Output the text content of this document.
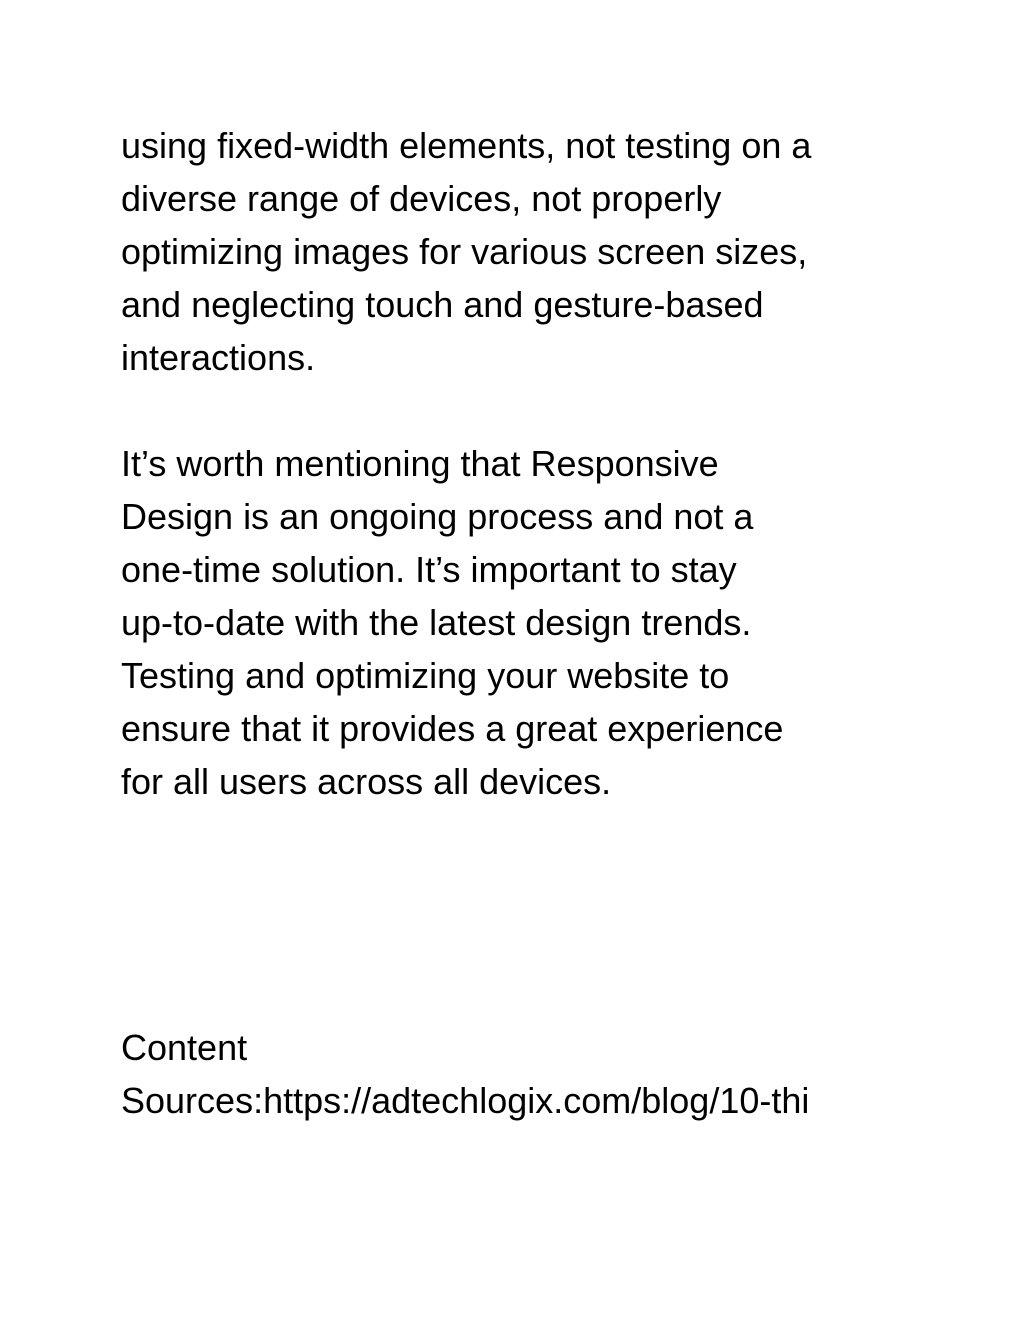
using fixed-width elements, not testing on a
diverse range of devices, not properly
optimizing images for various screen sizes,
and neglecting touch and gesture-based
interactions.
It’s worth mentioning that Responsive
Design is an ongoing process and not a
one-time solution. It’s important to stay
up-to-date with the latest design trends.
Testing and optimizing your website to
ensure that it provides a great experience
for all users across all devices.
Content
Sources:https://adtechlogix.com/blog/10-thi
